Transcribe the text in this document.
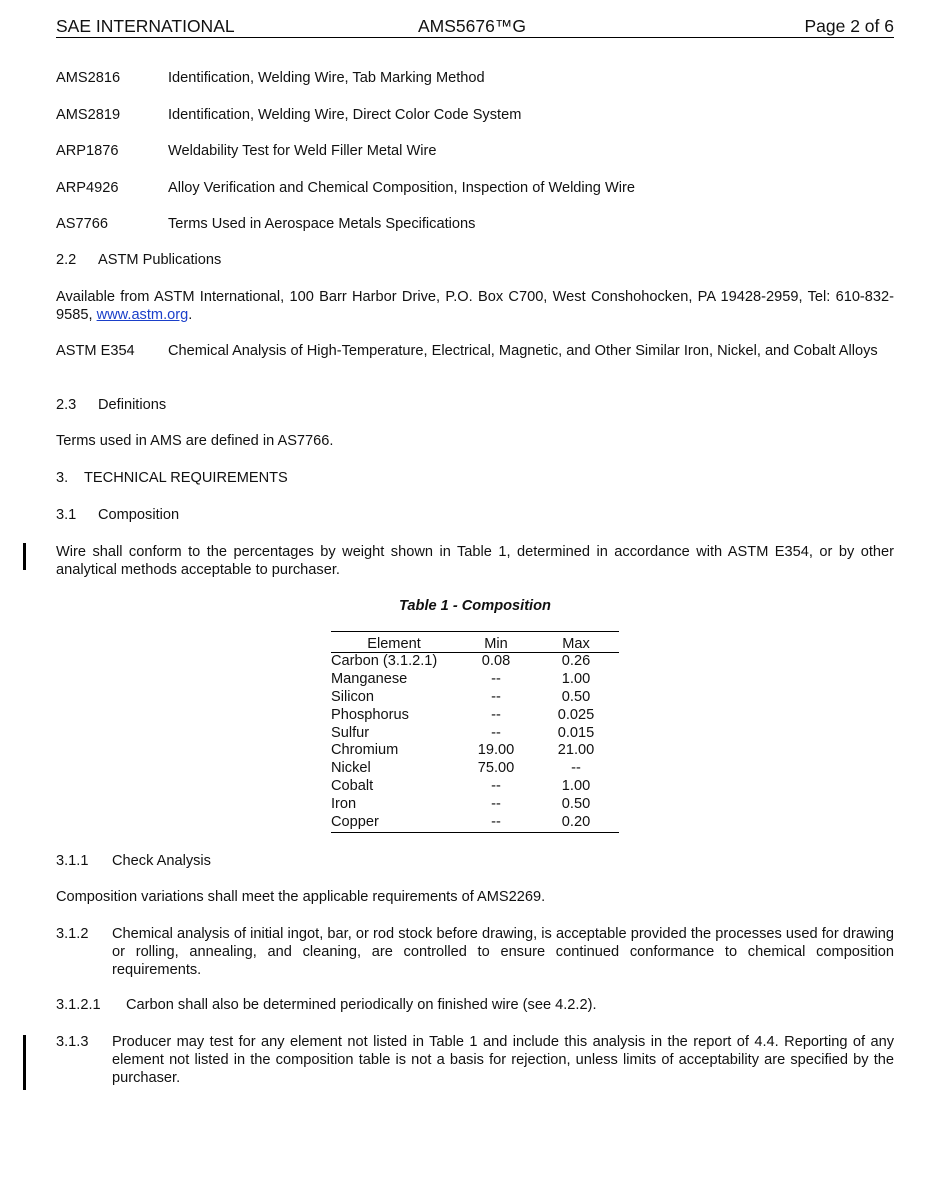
SAE INTERNATIONAL	AMS5676™G	Page 2 of 6
AMS2816	Identification, Welding Wire, Tab Marking Method
AMS2819	Identification, Welding Wire, Direct Color Code System
ARP1876	Weldability Test for Weld Filler Metal Wire
ARP4926	Alloy Verification and Chemical Composition, Inspection of Welding Wire
AS7766	Terms Used in Aerospace Metals Specifications
2.2 ASTM Publications
Available from ASTM International, 100 Barr Harbor Drive, P.O. Box C700, West Conshohocken, PA 19428-2959, Tel: 610-832-9585, www.astm.org.
ASTM E354 Chemical Analysis of High-Temperature, Electrical, Magnetic, and Other Similar Iron, Nickel, and Cobalt Alloys
2.3 Definitions
Terms used in AMS are defined in AS7766.
3. TECHNICAL REQUIREMENTS
3.1 Composition
Wire shall conform to the percentages by weight shown in Table 1, determined in accordance with ASTM E354, or by other analytical methods acceptable to purchaser.
Table 1 - Composition
Element	Min	Max
Carbon (3.1.2.1)	0.08	0.26
Manganese	--	1.00
Silicon	--	0.50
Phosphorus	--	0.025
Sulfur	--	0.015
Chromium	19.00	21.00
Nickel	75.00	--
Cobalt	--	1.00
Iron	--	0.50
Copper	--	0.20
3.1.1 Check Analysis
Composition variations shall meet the applicable requirements of AMS2269.
3.1.2 Chemical analysis of initial ingot, bar, or rod stock before drawing, is acceptable provided the processes used for drawing or rolling, annealing, and cleaning, are controlled to ensure continued conformance to chemical composition requirements.
3.1.2.1 Carbon shall also be determined periodically on finished wire (see 4.2.2).
3.1.3 Producer may test for any element not listed in Table 1 and include this analysis in the report of 4.4. Reporting of any element not listed in the composition table is not a basis for rejection, unless limits of acceptability are specified by the purchaser.
